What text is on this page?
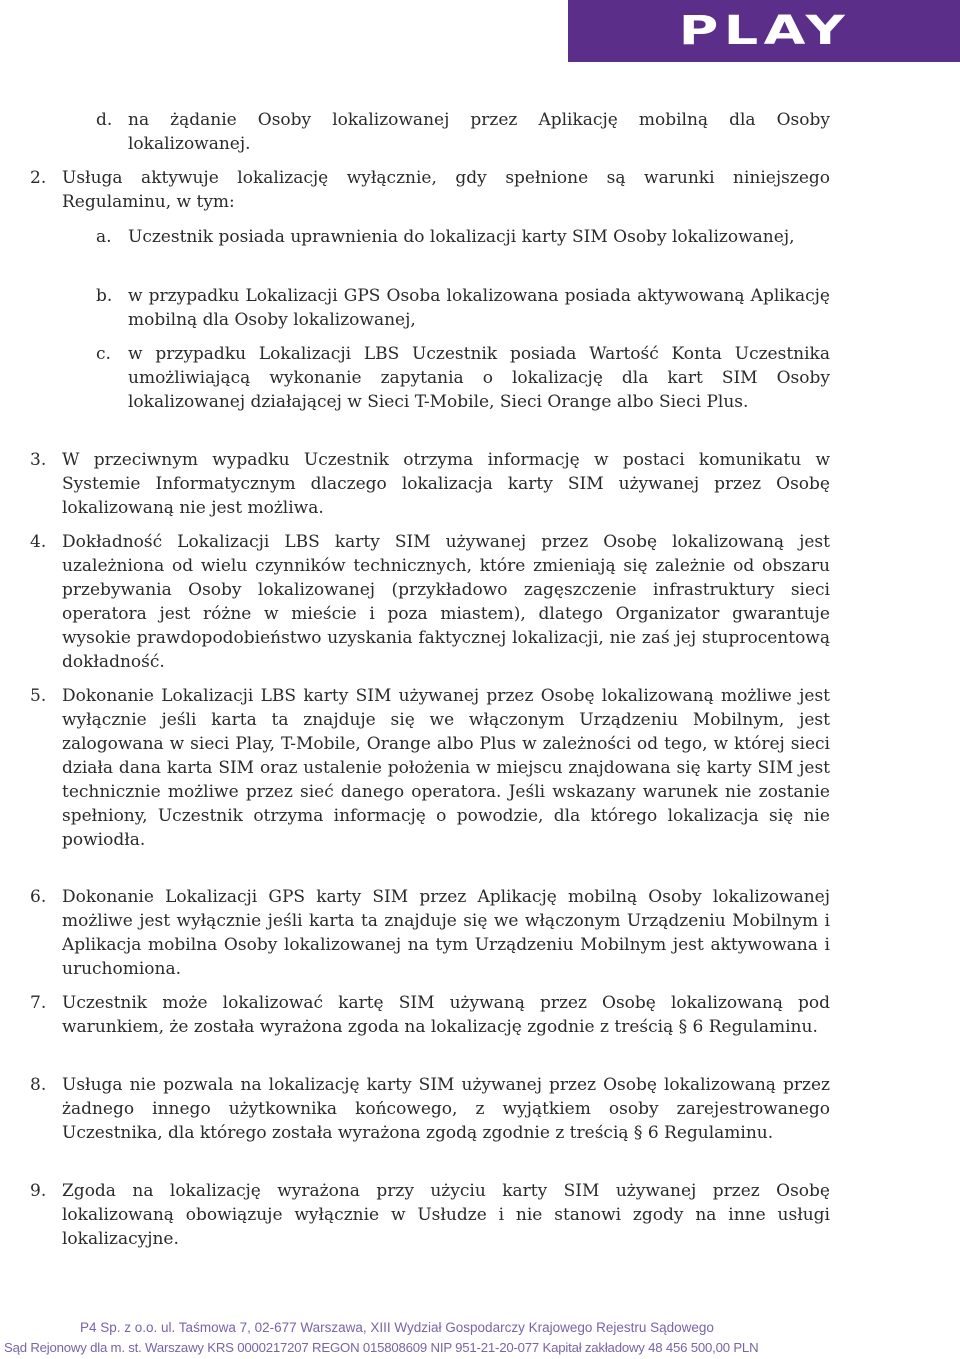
PLAY
d. na żądanie Osoby lokalizowanej przez Aplikację mobilną dla Osoby lokalizowanej.
2. Usługa aktywuje lokalizację wyłącznie, gdy spełnione są warunki niniejszego Regulaminu, w tym:
a. Uczestnik posiada uprawnienia do lokalizacji karty SIM Osoby lokalizowanej,
b. w przypadku Lokalizacji GPS Osoba lokalizowana posiada aktywowaną Aplikację mobilną dla Osoby lokalizowanej,
c. w przypadku Lokalizacji LBS Uczestnik posiada Wartość Konta Uczestnika umożliwiającą wykonanie zapytania o lokalizację dla kart SIM Osoby lokalizowanej działającej w Sieci T-Mobile, Sieci Orange albo Sieci Plus.
3. W przeciwnym wypadku Uczestnik otrzyma informację w postaci komunikatu w Systemie Informatycznym dlaczego lokalizacja karty SIM używanej przez Osobę lokalizowaną nie jest możliwa.
4. Dokładność Lokalizacji LBS karty SIM używanej przez Osobę lokalizowaną jest uzależniona od wielu czynników technicznych, które zmieniają się zależnie od obszaru przebywania Osoby lokalizowanej (przykładowo zagęszczenie infrastruktury sieci operatora jest różne w mieście i poza miastem), dlatego Organizator gwarantuje wysokie prawdopodobieństwo uzyskania faktycznej lokalizacji, nie zaś jej stuprocentową dokładność.
5. Dokonanie Lokalizacji LBS karty SIM używanej przez Osobę lokalizowaną możliwe jest wyłącznie jeśli karta ta znajduje się we włączonym Urządzeniu Mobilnym, jest zalogowana w sieci Play, T-Mobile, Orange albo Plus w zależności od tego, w której sieci działa dana karta SIM oraz ustalenie położenia w miejscu znajdowana się karty SIM jest technicznie możliwe przez sieć danego operatora. Jeśli wskazany warunek nie zostanie spełniony, Uczestnik otrzyma informację o powodzie, dla którego lokalizacja się nie powiodła.
6. Dokonanie Lokalizacji GPS karty SIM przez Aplikację mobilną Osoby lokalizowanej możliwe jest wyłącznie jeśli karta ta znajduje się we włączonym Urządzeniu Mobilnym i Aplikacja mobilna Osoby lokalizowanej na tym Urządzeniu Mobilnym jest aktywowana i uruchomiona.
7. Uczestnik może lokalizować kartę SIM używaną przez Osobę lokalizowaną pod warunkiem, że została wyrażona zgoda na lokalizację zgodnie z treścią § 6 Regulaminu.
8. Usługa nie pozwala na lokalizację karty SIM używanej przez Osobę lokalizowaną przez żadnego innego użytkownika końcowego, z wyjątkiem osoby zarejestrowanego Uczestnika, dla którego została wyrażona zgodą zgodnie z treścią § 6 Regulaminu.
9. Zgoda na lokalizację wyrażona przy użyciu karty SIM używanej przez Osobę lokalizowaną obowiązuje wyłącznie w Usłudze i nie stanowi zgody na inne usługi lokalizacyjne.
P4 Sp. z o.o. ul. Taśmowa 7, 02-677 Warszawa, XIII Wydział Gospodarczy Krajowego Rejestru Sądowego
Sąd Rejonowy dla m. st. Warszawy KRS 0000217207 REGON 015808609 NIP 951-21-20-077 Kapitał zakładowy 48 456 500,00 PLN
